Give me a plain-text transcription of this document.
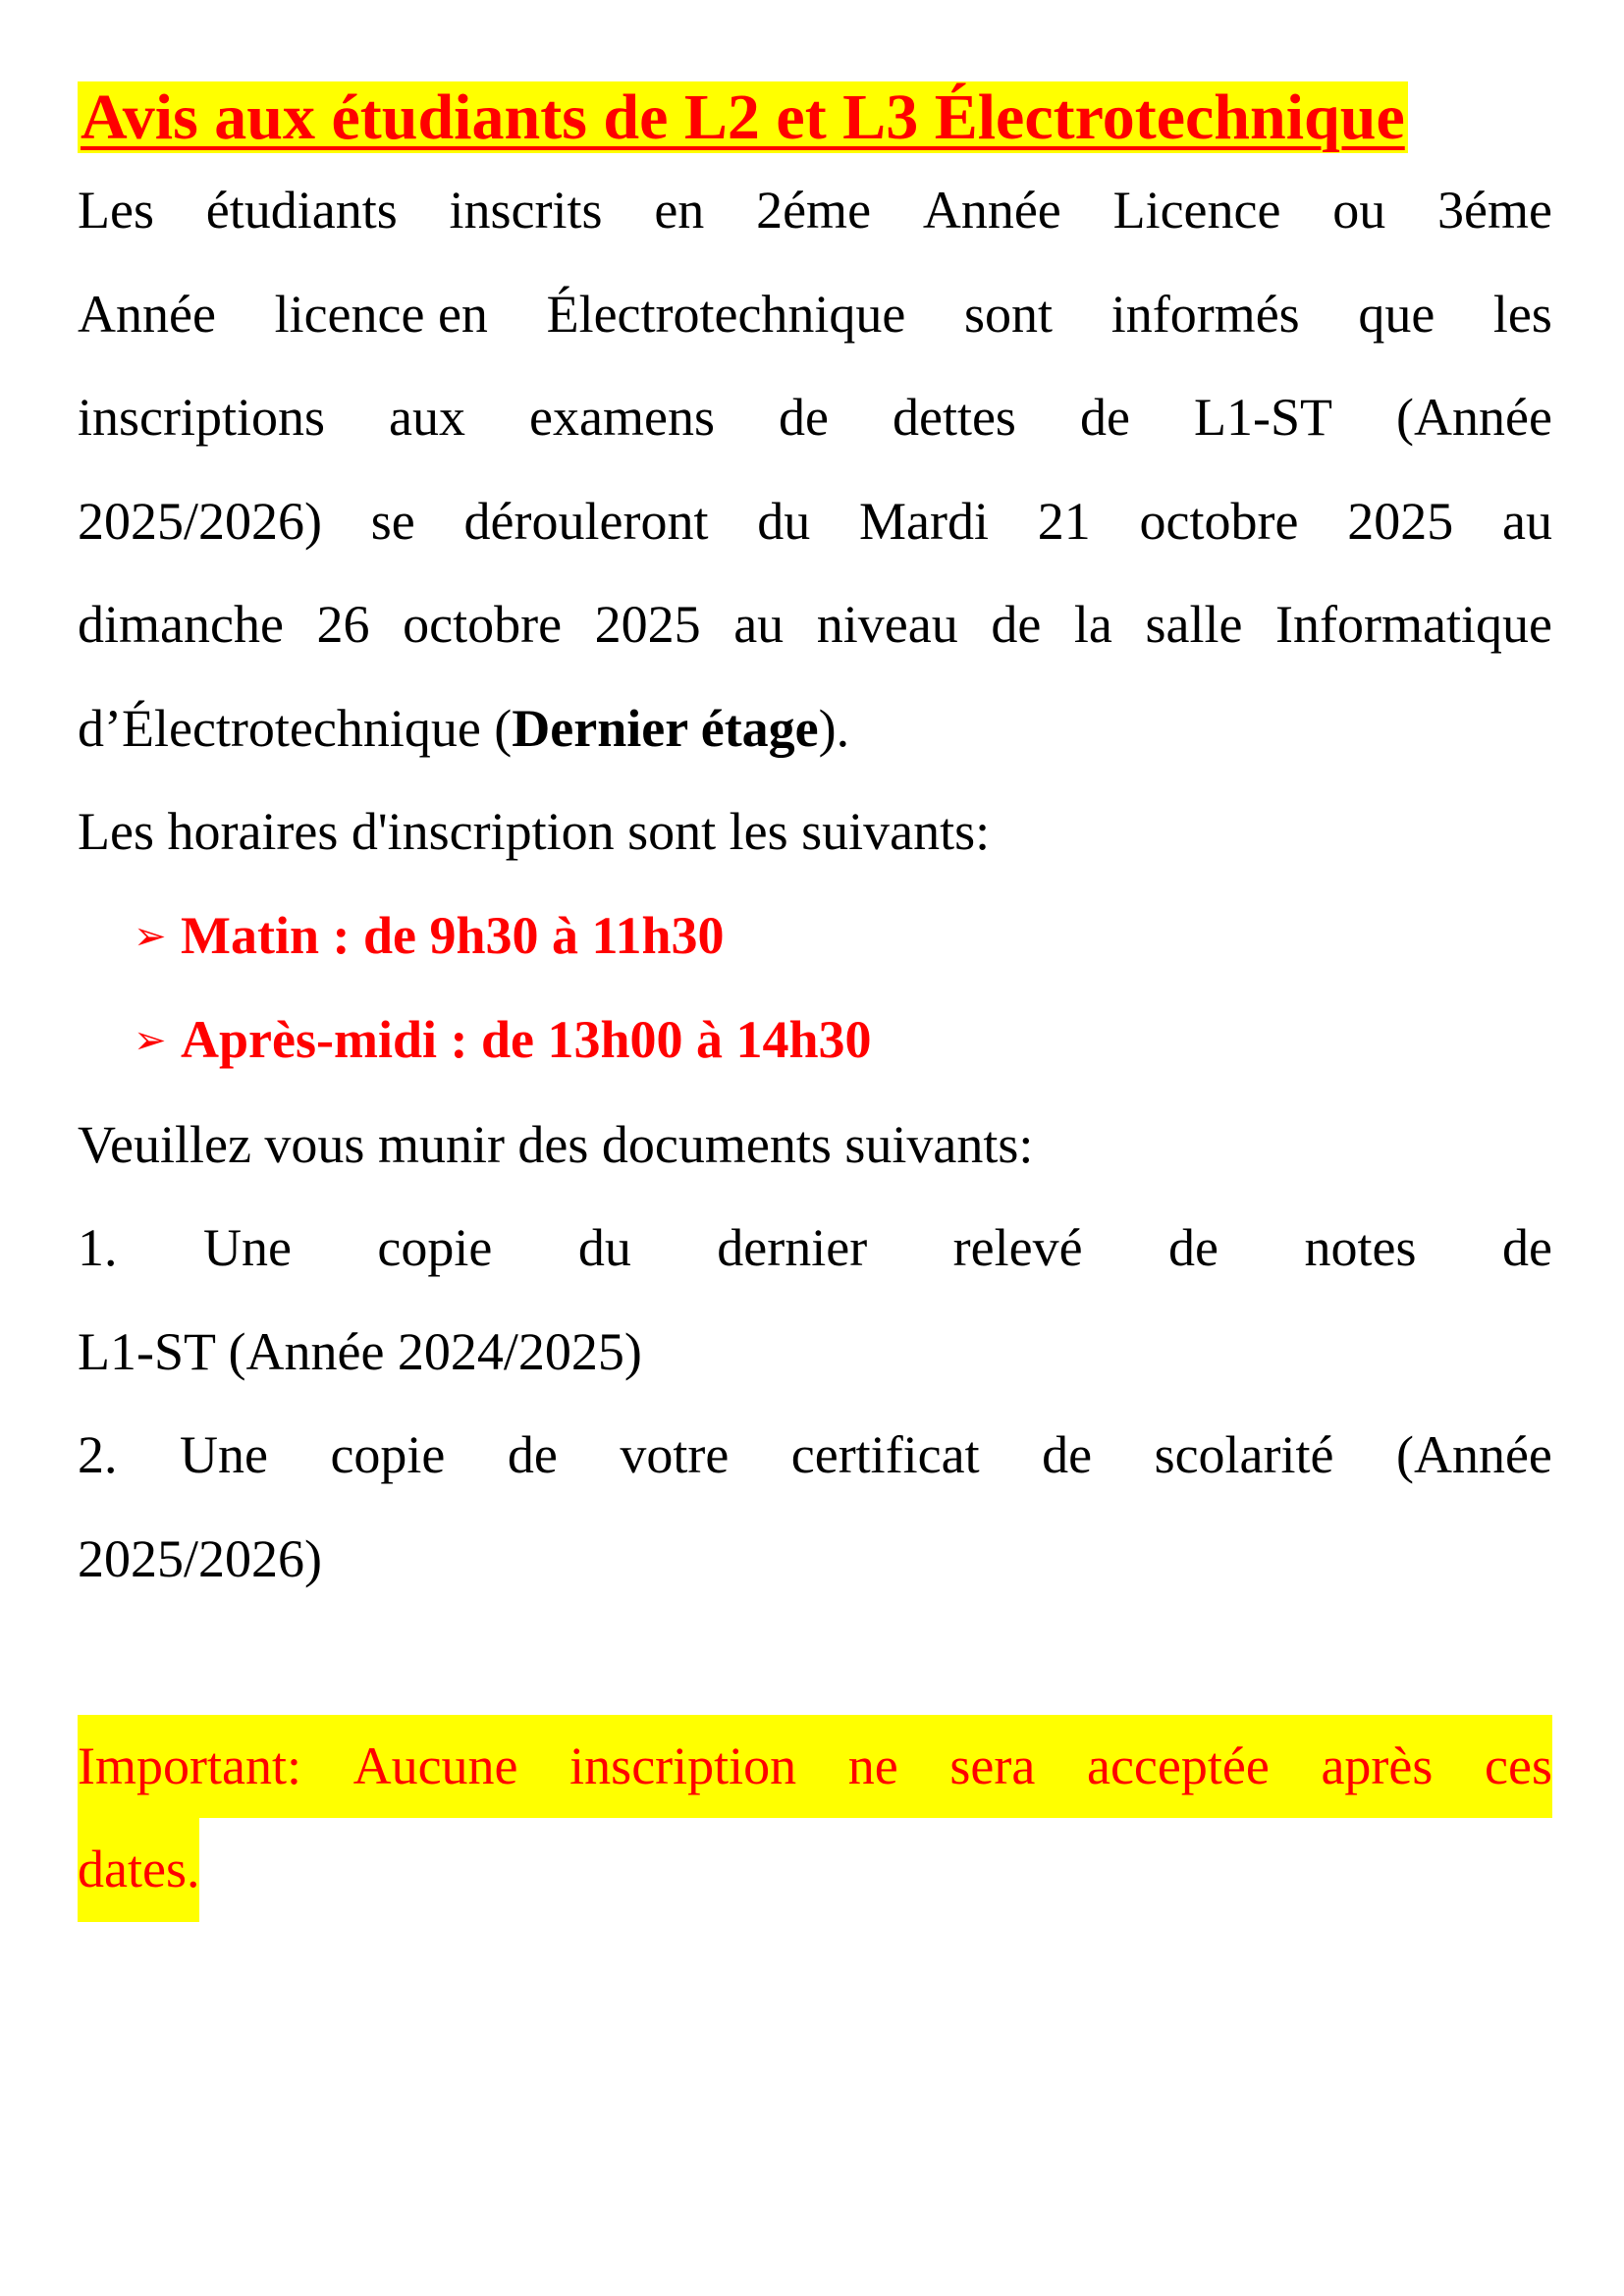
Avis aux étudiants de L2 et L3 Électrotechnique
Les étudiants inscrits en 2éme Année Licence ou 3éme
Année licence en Électrotechnique sont informés que les
inscriptions aux examens de dettes de L1-ST (Année
2025/2026) se dérouleront du Mardi 21 octobre 2025 au
dimanche 26 octobre 2025 au niveau de la salle Informatique
d’Électrotechnique (Dernier étage).

Les horaires d'inscription sont les suivants:

➢ Matin : de 9h30 à 11h30
➢ Après-midi : de 13h00 à 14h30

Veuillez vous munir des documents suivants:

1. Une copie du dernier relevé de notes de
L1-ST (Année 2024/2025)
2. Une copie de votre certificat de scolarité (Année
2025/2026)
Important: Aucune inscription ne sera acceptée après ces
dates.
